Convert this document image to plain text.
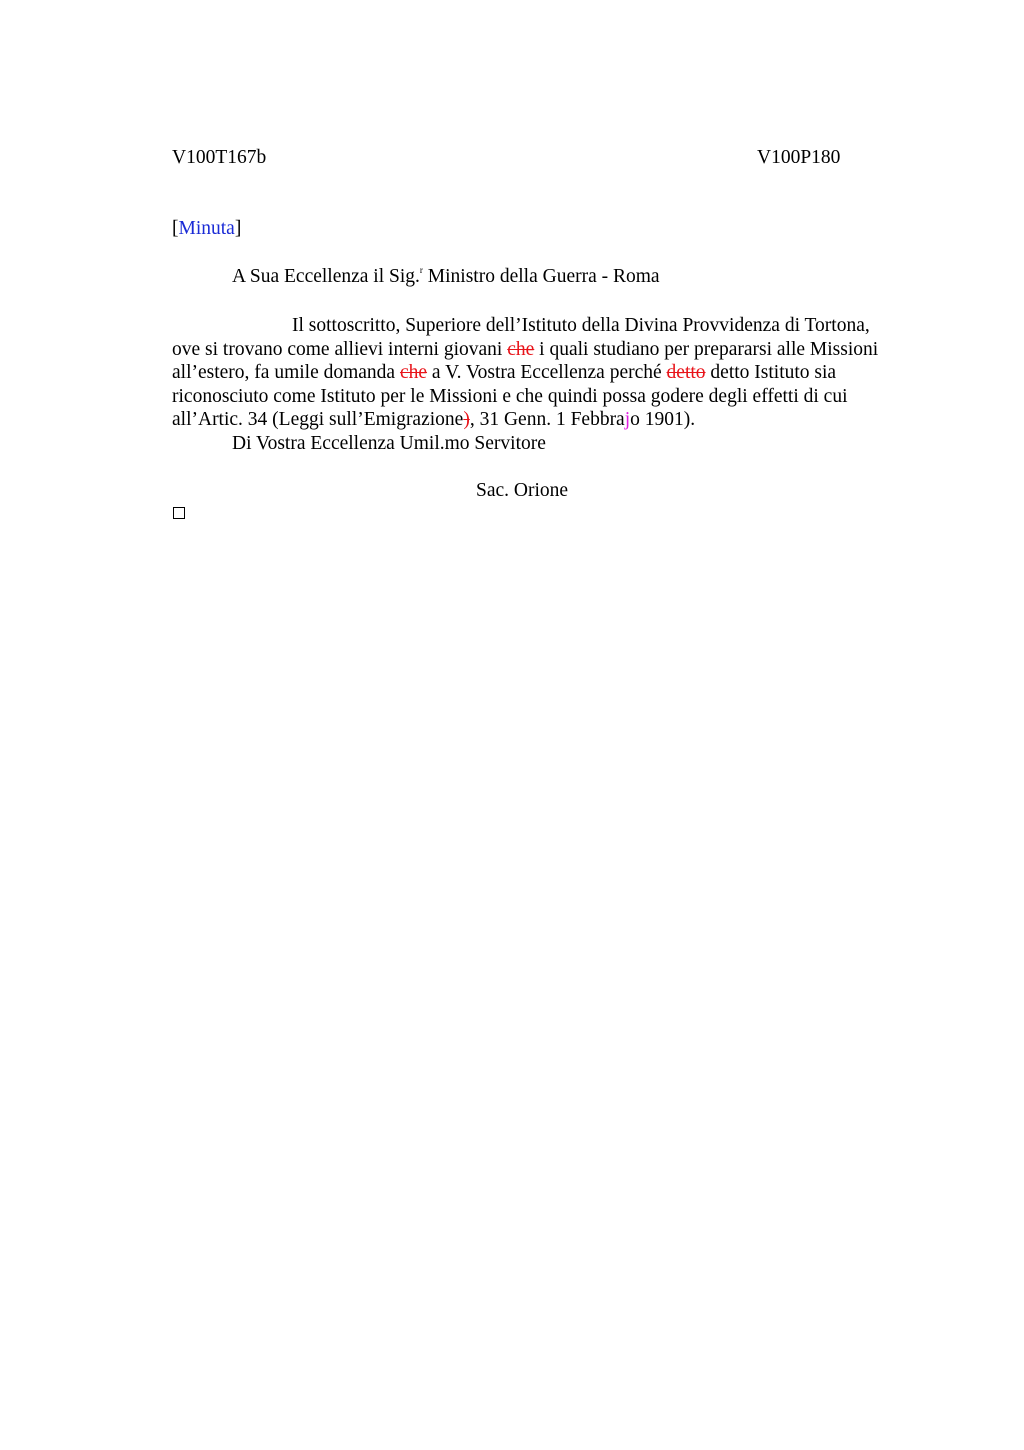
V100T167b	V100P180
[Minuta]
A Sua Eccellenza il Sig.$^r$ Ministro della Guerra - Roma
Il sottoscritto, Superiore dell’Istituto della Divina Provvidenza di Tortona,
ove si trovano come allievi interni giovani che i quali studiano per prepararsi alle Missioni
all’estero, fa umile domanda che a V. Vostra Eccellenza perché detto detto Istituto sia
riconosciuto come Istituto per le Missioni e che quindi possa godere degli effetti di cui
all’Artic. 34 (Leggi sull’Emigrazione), 31 Genn. 1 Febbrajo 1901).
Di Vostra Eccellenza Umil.mo Servitore
Sac. Orione
